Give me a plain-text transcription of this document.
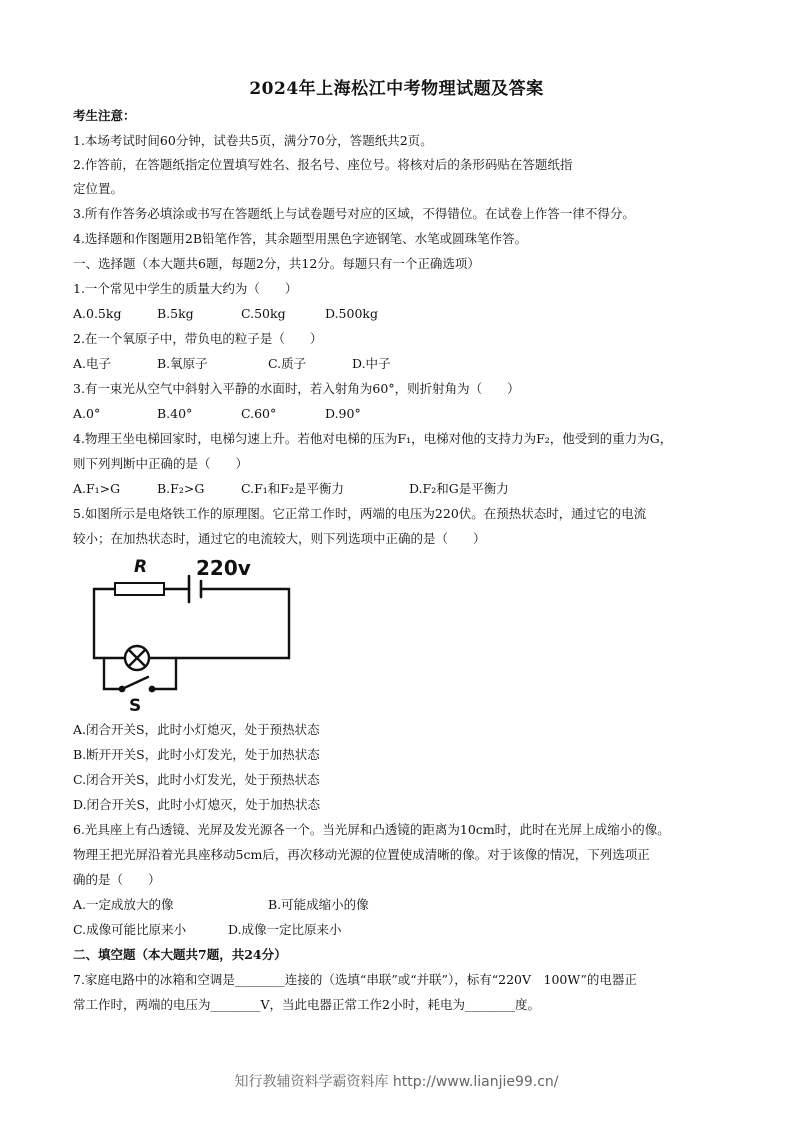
2024年上海松江中考物理试题及答案
考生注意：
1.本场考试时间60分钟，试卷共5页，满分70分，答题纸共2页。
2.作答前，在答题纸指定位置填写姓名、报名号、座位号。将核对后的条形码贴在答题纸指
定位置。
3.所有作答务必填涂或书写在答题纸上与试卷题号对应的区域，不得错位。在试卷上作答一律不得分。
4.选择题和作图题用2B铅笔作答，其余题型用黑色字迹钢笔、水笔或圆珠笔作答。
一、选择题（本大题共6题，每题2分，共12分。每题只有一个正确选项）
1.一个常见中学生的质量大约为（　　）
A.0.5kg	B.5kg	C.50kg	D.500kg
2.在一个氧原子中，带负电的粒子是（　　）
A.电子	B.氧原子	C.质子	D.中子
3.有一束光从空气中斜射入平静的水面时，若入射角为60°，则折射角为（　　）
A.0°	B.40°	C.60°	D.90°
4.物理王坐电梯回家时，电梯匀速上升。若他对电梯的压为F₁，电梯对他的支持力为F₂，他受到的重力为G，
则下列判断中正确的是（　　）
A.F₁>G	B.F₂>G	C.F₁和F₂是平衡力	D.F₂和G是平衡力
5.如图所示是电烙铁工作的原理图。它正常工作时，两端的电压为220伏。在预热状态时，通过它的电流
较小；在加热状态时，通过它的电流较大，则下列选项中正确的是（　　）
R 220v
S
A.闭合开关S，此时小灯熄灭，处于预热状态
B.断开开关S，此时小灯发光，处于加热状态
C.闭合开关S，此时小灯发光，处于预热状态
D.闭合开关S，此时小灯熄灭，处于加热状态
6.光具座上有凸透镜、光屏及发光源各一个。当光屏和凸透镜的距离为10cm时，此时在光屏上成缩小的像。
物理王把光屏沿着光具座移动5cm后，再次移动光源的位置使成清晰的像。对于该像的情况，下列选项正
确的是（　　）
A.一定成放大的像	B.可能成缩小的像
C.成像可能比原来小	D.成像一定比原来小
二、填空题（本大题共7题，共24分）
7.家庭电路中的冰箱和空调是________连接的（选填“串联”或“并联”），标有“220V　100W”的电器正
常工作时，两端的电压为________V，当此电器正常工作2小时，耗电为________度。
知行教辅资料学霸资料库 http://www.lianjie99.cn/
